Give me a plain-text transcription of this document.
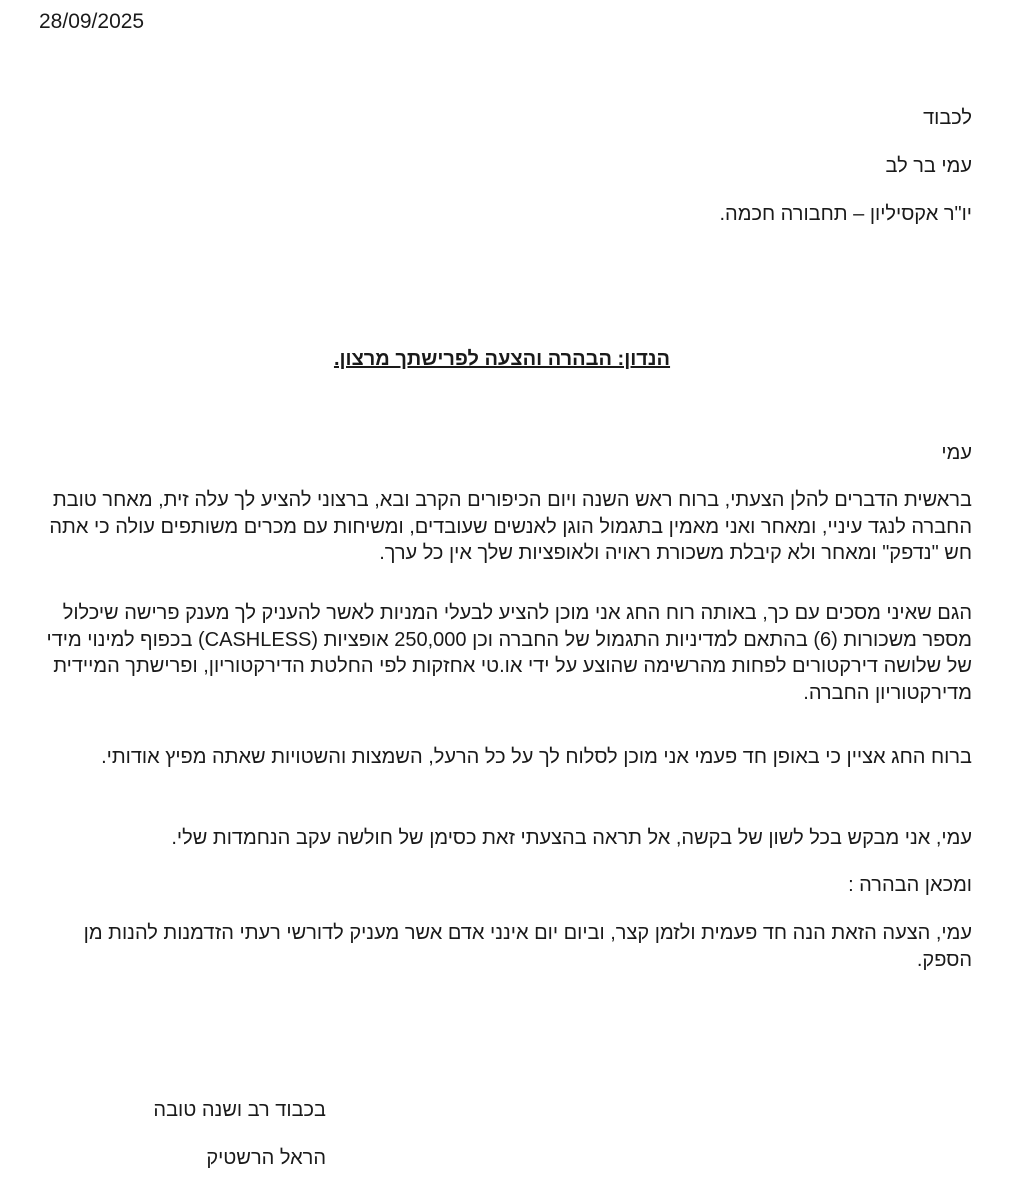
28/09/2025
לכבוד
עמי בר לב
יו"ר אקסיליון – תחבורה חכמה.
הנדון: הבהרה והצעה לפרישתך מרצון.
עמי
בראשית הדברים להלן הצעתי, ברוח ראש השנה ויום הכיפורים הקרב ובא, ברצוני להציע לך עלה זית, מאחר טובת החברה לנגד עיניי, ומאחר ואני מאמין בתגמול הוגן לאנשים שעובדים, ומשיחות עם מכרים משותפים עולה כי אתה חש "נדפק" ומאחר ולא קיבלת משכורת ראויה ולאופציות שלך אין כל ערך.
הגם שאיני מסכים עם כך, באותה רוח החג אני מוכן להציע לבעלי המניות לאשר להעניק לך מענק פרישה שיכלול מספר משכורות (6) בהתאם למדיניות התגמול של החברה וכן 250,000 אופציות (CASHLESS) בכפוף למינוי מידי של שלושה דירקטורים לפחות מהרשימה שהוצע על ידי או.טי אחזקות לפי החלטת הדירקטוריון, ופרישתך המיידית מדירקטוריון החברה.
ברוח החג אציין כי באופן חד פעמי אני מוכן לסלוח לך על כל הרעל, השמצות והשטויות שאתה מפיץ אודותי.
עמי, אני מבקש בכל לשון של בקשה, אל תראה בהצעתי זאת כסימן של חולשה עקב הנחמדות שלי.
ומכאן הבהרה :
עמי, הצעה הזאת הנה חד פעמית ולזמן קצר, וביום יום אינני אדם אשר מעניק לדורשי רעתי הזדמנות להנות מן הספק.
בכבוד רב ושנה טובה
הראל הרשטיק
